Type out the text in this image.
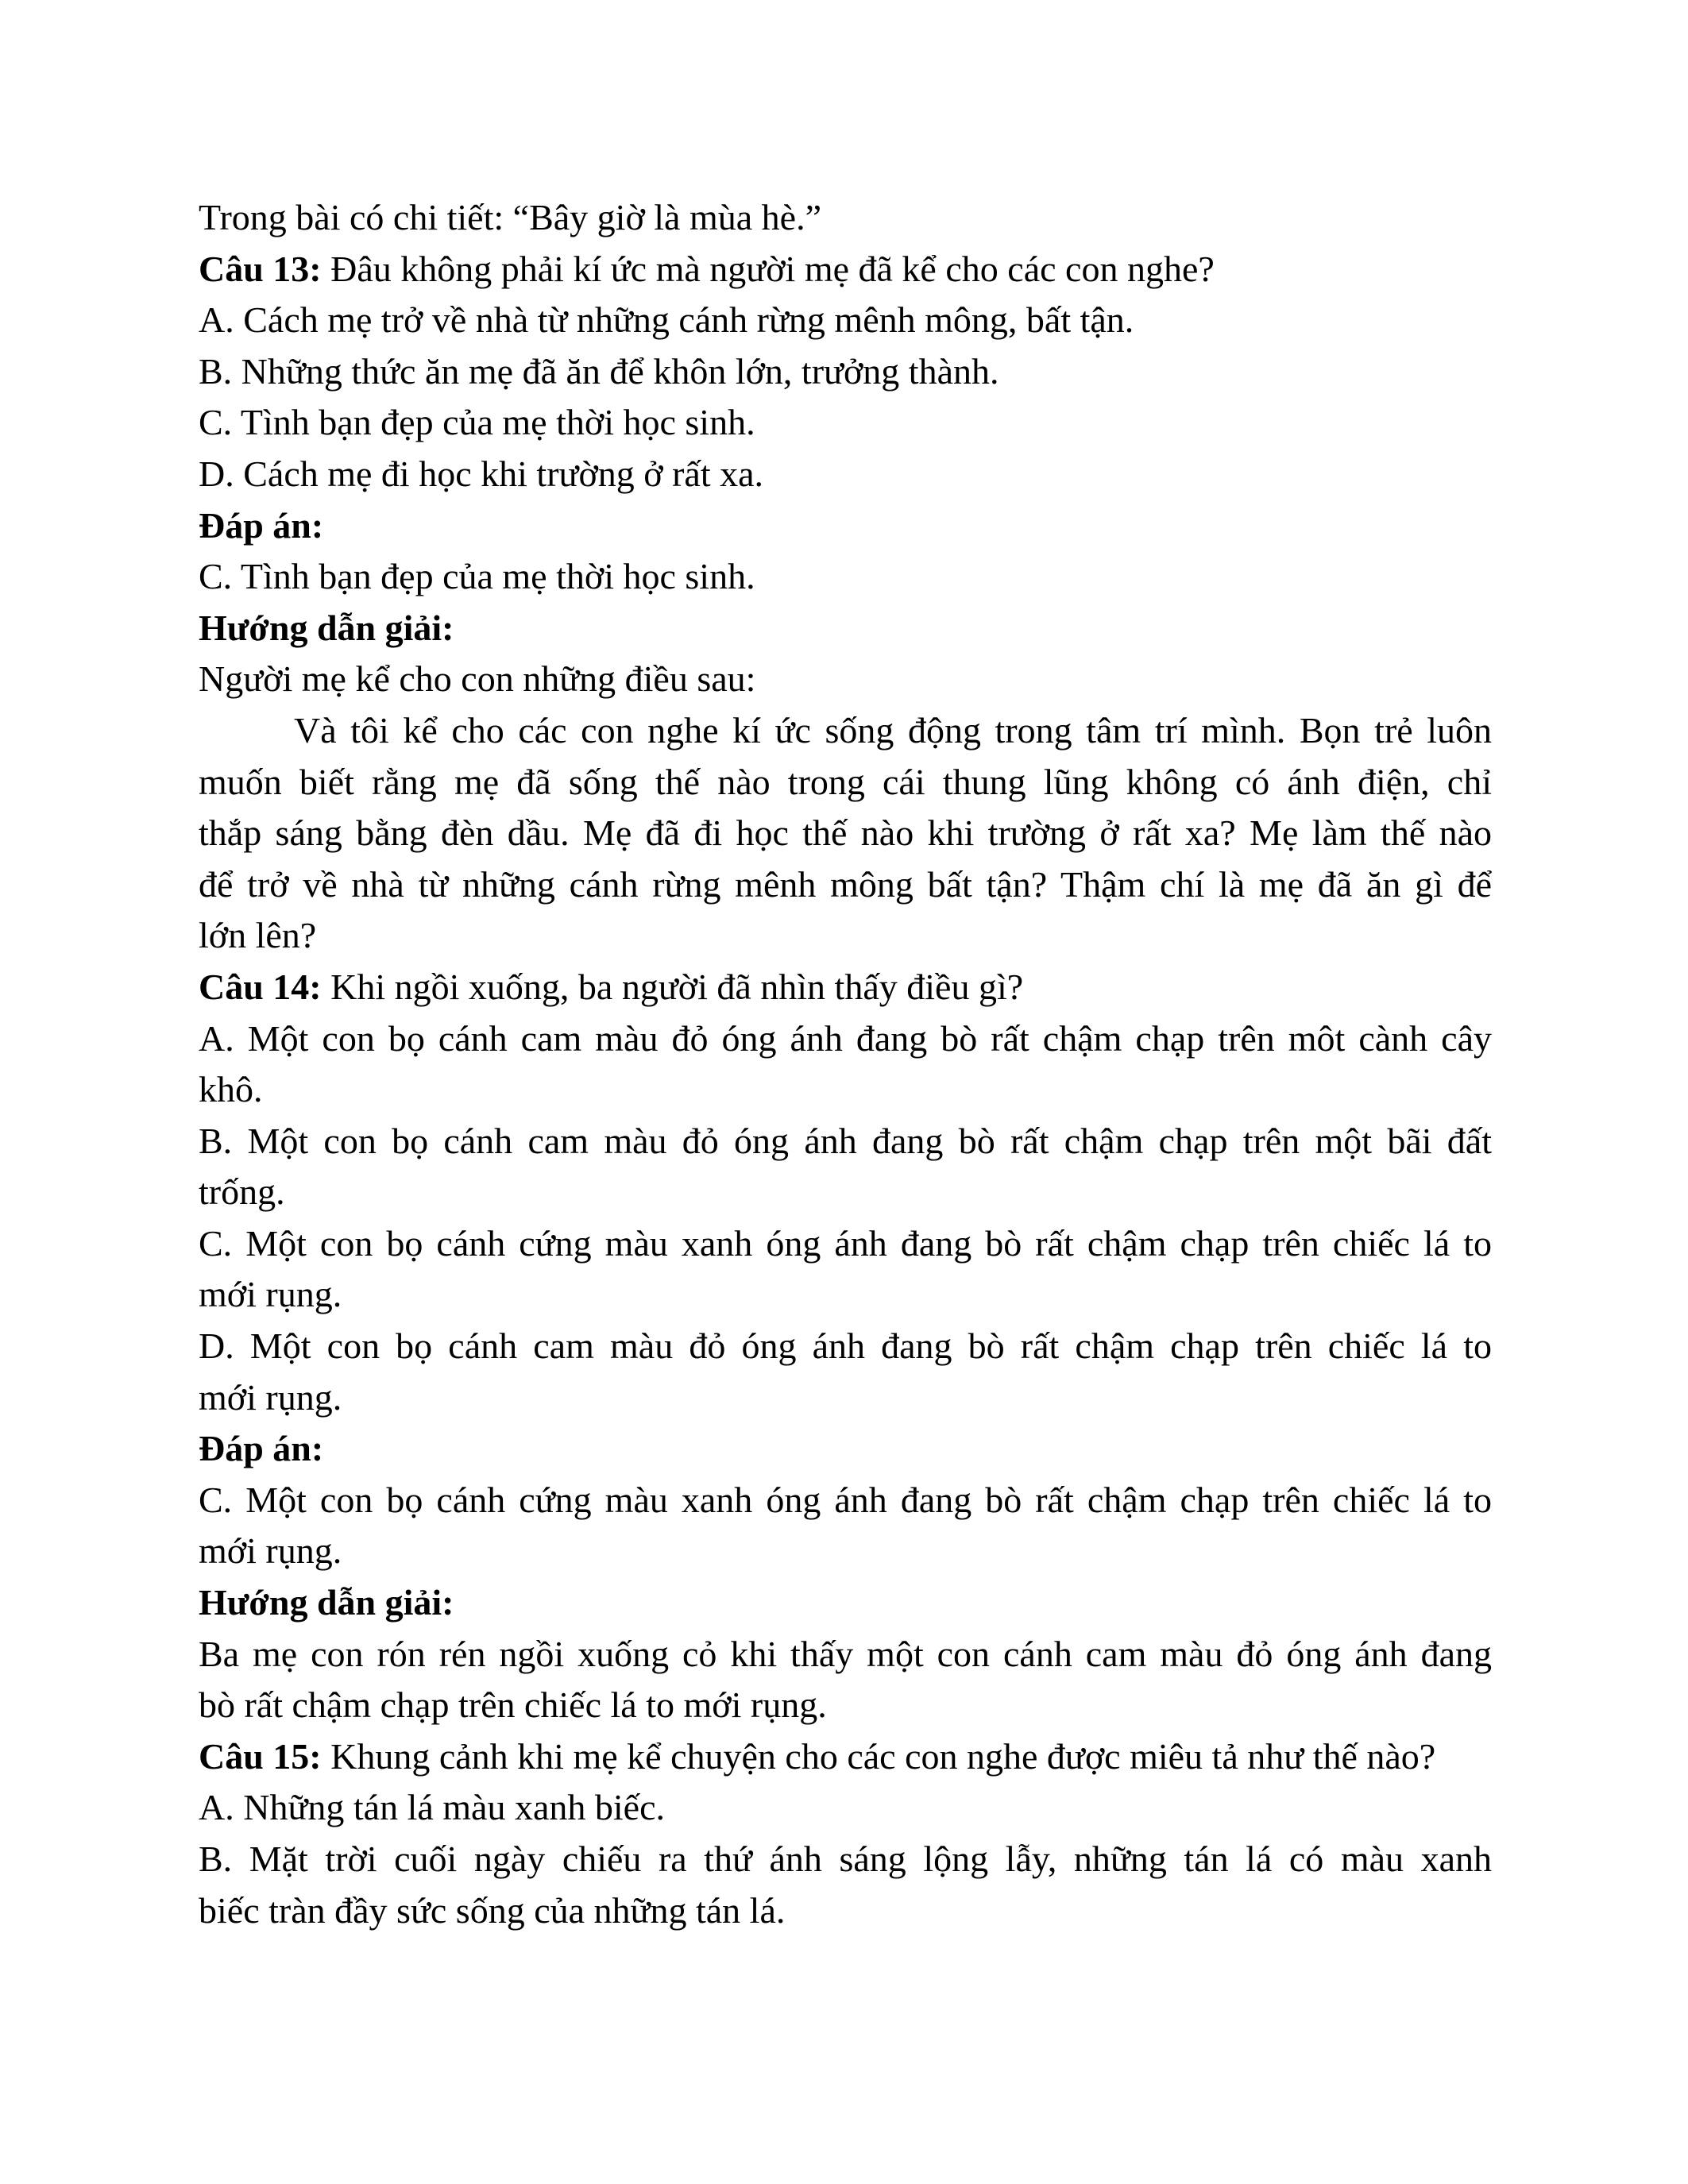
Trong bài có chi tiết: “Bây giờ là mùa hè.”
Câu 13: Đâu không phải kí ức mà người mẹ đã kể cho các con nghe?
A. Cách mẹ trở về nhà từ những cánh rừng mênh mông, bất tận.
B. Những thức ăn mẹ đã ăn để khôn lớn, trưởng thành.
C. Tình bạn đẹp của mẹ thời học sinh.
D. Cách mẹ đi học khi trường ở rất xa.
Đáp án:
C. Tình bạn đẹp của mẹ thời học sinh.
Hướng dẫn giải:
Người mẹ kể cho con những điều sau:
Và tôi kể cho các con nghe kí ức sống động trong tâm trí mình. Bọn trẻ luôn
muốn biết rằng mẹ đã sống thế nào trong cái thung lũng không có ánh điện, chỉ
thắp sáng bằng đèn dầu. Mẹ đã đi học thế nào khi trường ở rất xa? Mẹ làm thế nào
để trở về nhà từ những cánh rừng mênh mông bất tận? Thậm chí là mẹ đã ăn gì để
lớn lên?
Câu 14: Khi ngồi xuống, ba người đã nhìn thấy điều gì?
A. Một con bọ cánh cam màu đỏ óng ánh đang bò rất chậm chạp trên môt cành cây
khô.
B. Một con bọ cánh cam màu đỏ óng ánh đang bò rất chậm chạp trên một bãi đất
trống.
C. Một con bọ cánh cứng màu xanh óng ánh đang bò rất chậm chạp trên chiếc lá to
mới rụng.
D. Một con bọ cánh cam màu đỏ óng ánh đang bò rất chậm chạp trên chiếc lá to
mới rụng.
Đáp án:
C. Một con bọ cánh cứng màu xanh óng ánh đang bò rất chậm chạp trên chiếc lá to
mới rụng.
Hướng dẫn giải:
Ba mẹ con rón rén ngồi xuống cỏ khi thấy một con cánh cam màu đỏ óng ánh đang
bò rất chậm chạp trên chiếc lá to mới rụng.
Câu 15: Khung cảnh khi mẹ kể chuyện cho các con nghe được miêu tả như thế nào?
A. Những tán lá màu xanh biếc.
B. Mặt trời cuối ngày chiếu ra thứ ánh sáng lộng lẫy, những tán lá có màu xanh
biếc tràn đầy sức sống của những tán lá.
